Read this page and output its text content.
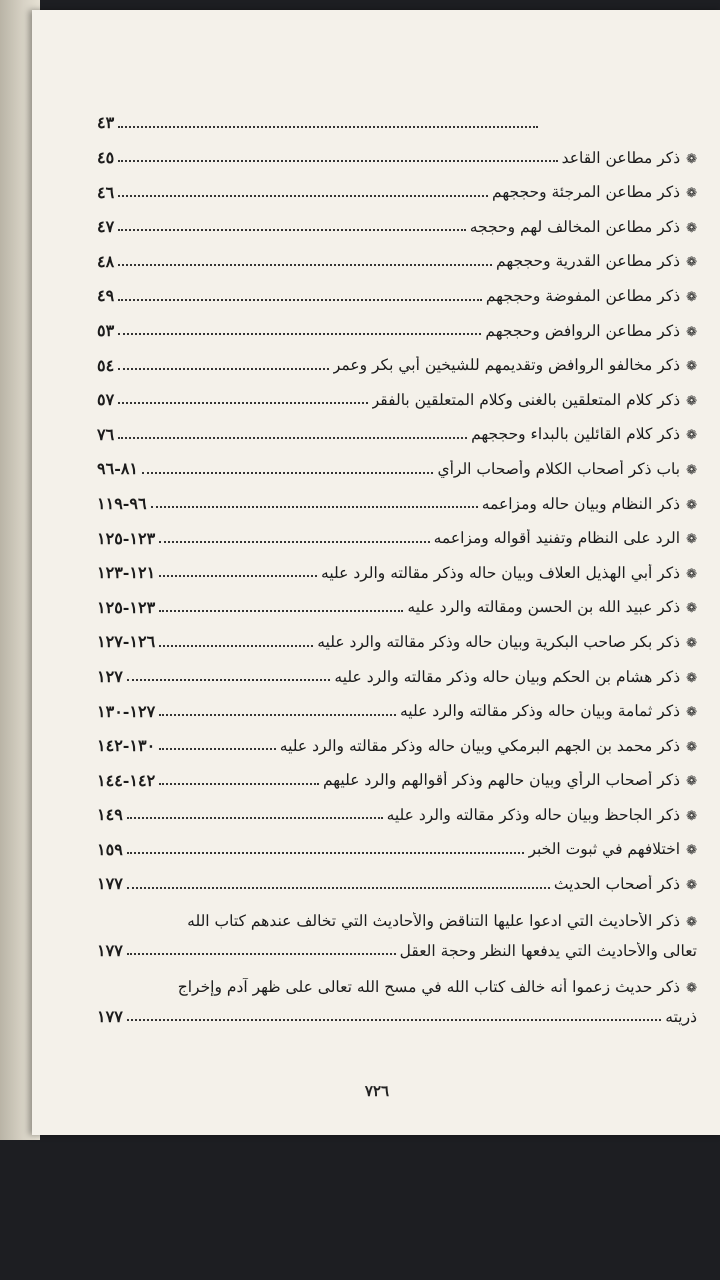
٤٣
❁
ذكر مطاعن القاعد
٤٥
❁
ذكر مطاعن المرجئة وحججهم
٤٦
❁
ذكر مطاعن المخالف لهم وحججه
٤٧
❁
ذكر مطاعن القدرية وحججهم
٤٨
❁
ذكر مطاعن المفوضة وحججهم
٤٩
❁
ذكر مطاعن الروافض وحججهم
٥٣
❁
ذكر مخالفو الروافض وتقديمهم للشيخين أبي بكر وعمر
٥٤
❁
ذكر كلام المتعلقين بالغنى وكلام المتعلقين بالفقر
٥٧
❁
ذكر كلام القائلين بالبداء وحججهم
٧٦
❁
باب ذكر أصحاب الكلام وأصحاب الرأي
٨١-٩٦
❁
ذكر النظام وبيان حاله ومزاعمه
٩٦-١١٩
❁
الرد على النظام وتفنيد أقواله ومزاعمه
١٢٣-١٢٥
❁
ذكر أبي الهذيل العلاف وبيان حاله وذكر مقالته والرد عليه
١٢١-١٢٣
❁
ذكر عبيد الله بن الحسن ومقالته والرد عليه
١٢٣-١٢٥
❁
ذكر بكر صاحب البكرية وبيان حاله وذكر مقالته والرد عليه
١٢٦-١٢٧
❁
ذكر هشام بن الحكم وبيان حاله وذكر مقالته والرد عليه
١٢٧
❁
ذكر ثمامة وبيان حاله وذكر مقالته والرد عليه
١٢٧-١٣٠
❁
ذكر محمد بن الجهم البرمكي وبيان حاله وذكر مقالته والرد عليه
١٣٠-١٤٢
❁
ذكر أصحاب الرأي وبيان حالهم وذكر أقوالهم والرد عليهم
١٤٢-١٤٤
❁
ذكر الجاحظ وبيان حاله وذكر مقالته والرد عليه
١٤٩
❁
اختلافهم في ثبوت الخبر
١٥٩
❁
ذكر أصحاب الحديث
١٧٧
❁
ذكر الأحاديث التي ادعوا عليها التناقض والأحاديث التي تخالف عندهم كتاب الله
تعالى والأحاديث التي يدفعها النظر وحجة العقل
١٧٧
❁
ذكر حديث زعموا أنه خالف كتاب الله في مسح الله تعالى على ظهر آدم وإخراج
ذريته
١٧٧
٧٢٦
